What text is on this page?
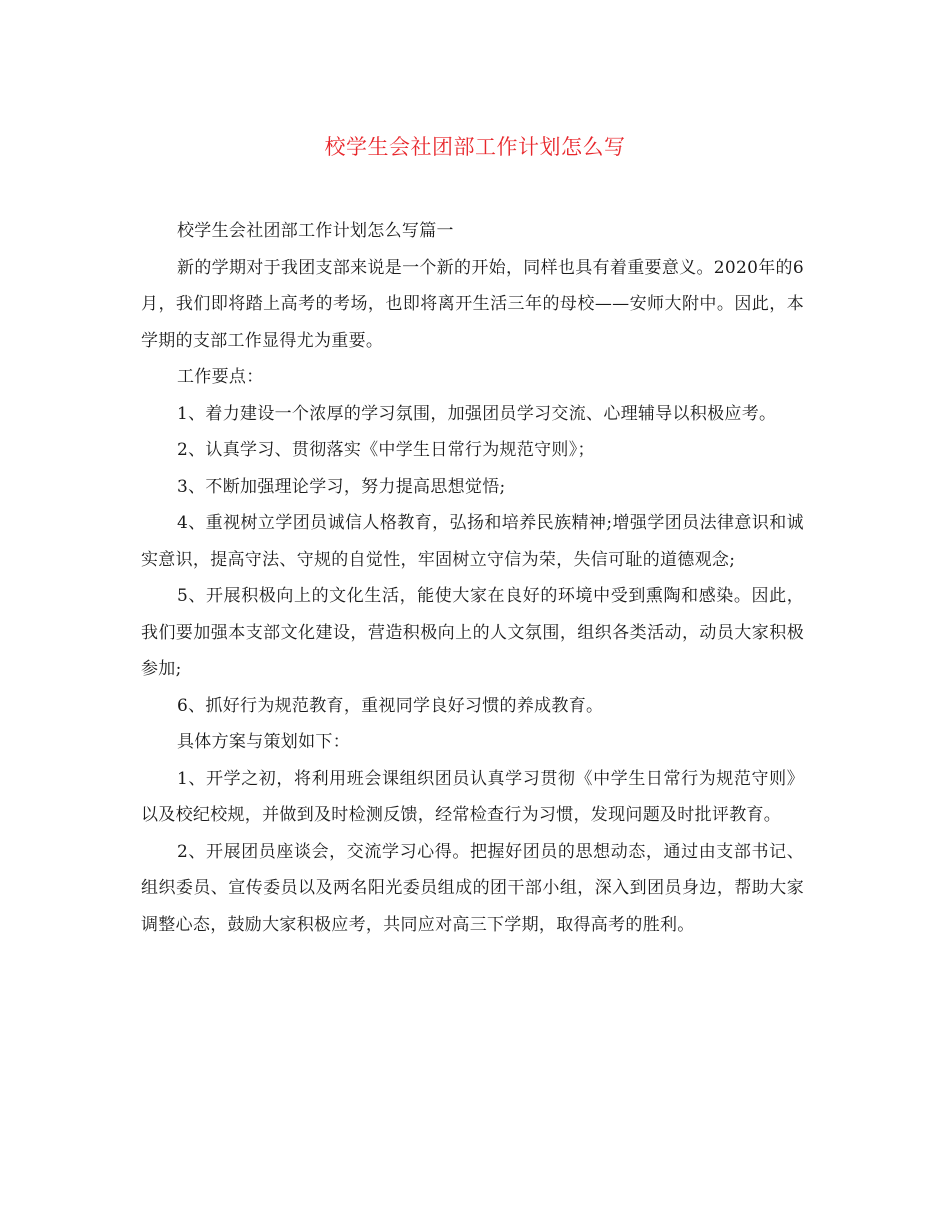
校学生会社团部工作计划怎么写

校学生会社团部工作计划怎么写篇一

新的学期对于我团支部来说是一个新的开始，同样也具有着重要意义。2020年的6月，我们即将踏上高考的考场，也即将离开生活三年的母校——安师大附中。因此，本学期的支部工作显得尤为重要。

工作要点：

1、着力建设一个浓厚的学习氛围，加强团员学习交流、心理辅导以积极应考。

2、认真学习、贯彻落实《中学生日常行为规范守则》；

3、不断加强理论学习，努力提高思想觉悟;

4、重视树立学团员诚信人格教育，弘扬和培养民族精神;增强学团员法律意识和诚实意识，提高守法、守规的自觉性，牢固树立守信为荣，失信可耻的道德观念;

5、开展积极向上的文化生活，能使大家在良好的环境中受到熏陶和感染。因此，我们要加强本支部文化建设，营造积极向上的人文氛围，组织各类活动，动员大家积极参加;

6、抓好行为规范教育，重视同学良好习惯的养成教育。

具体方案与策划如下：

1、开学之初，将利用班会课组织团员认真学习贯彻《中学生日常行为规范守则》以及校纪校规，并做到及时检测反馈，经常检查行为习惯，发现问题及时批评教育。

2、开展团员座谈会，交流学习心得。把握好团员的思想动态，通过由支部书记、组织委员、宣传委员以及两名阳光委员组成的团干部小组，深入到团员身边，帮助大家调整心态，鼓励大家积极应考，共同应对高三下学期，取得高考的胜利。
